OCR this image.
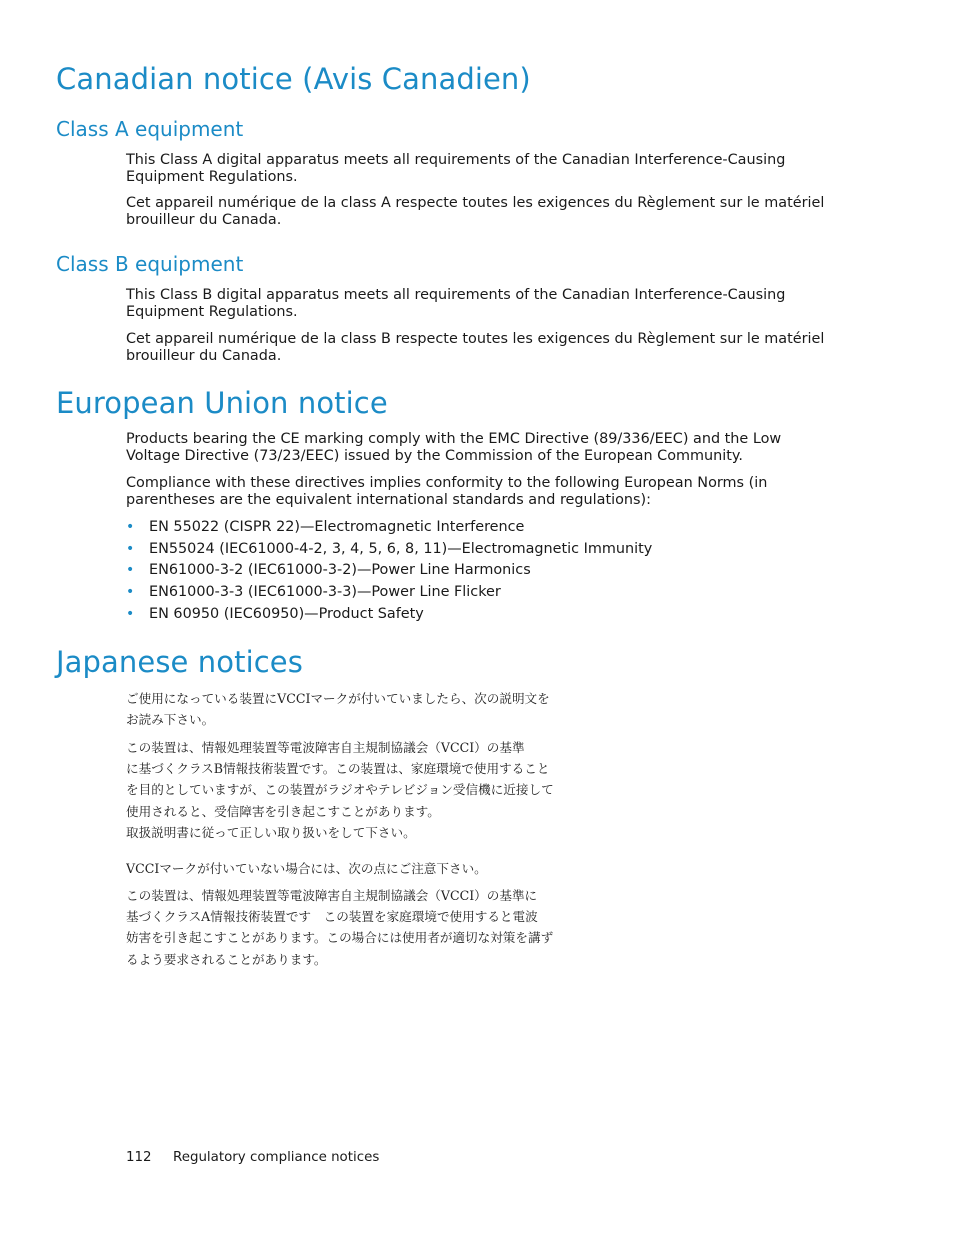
Canadian notice (Avis Canadien)
Class A equipment

This Class A digital apparatus meets all requirements of the Canadian Interference-Causing Equipment Regulations.

Cet appareil numérique de la class A respecte toutes les exigences du Règlement sur le matériel brouilleur du Canada.

Class B equipment

This Class B digital apparatus meets all requirements of the Canadian Interference-Causing Equipment Regulations.

Cet appareil numérique de la class B respecte toutes les exigences du Règlement sur le matériel brouilleur du Canada.

European Union notice

Products bearing the CE marking comply with the EMC Directive (89/336/EEC) and the Low Voltage Directive (73/23/EEC) issued by the Commission of the European Community.

Compliance with these directives implies conformity to the following European Norms (in parentheses are the equivalent international standards and regulations):

• EN 55022 (CISPR 22)—Electromagnetic Interference
• EN55024 (IEC61000-4-2, 3, 4, 5, 6, 8, 11)—Electromagnetic Immunity
• EN61000-3-2 (IEC61000-3-2)—Power Line Harmonics
• EN61000-3-3 (IEC61000-3-3)—Power Line Flicker
• EN 60950 (IEC60950)—Product Safety
Japanese notices
ご使用になっている装置にVCCIマークが付いていましたら、次の説明文を
お読み下さい。
この装置は、情報処理装置等電波障害自主規制協議会（VCCI）の基準
に基づくクラスB情報技術装置です。この装置は、家庭環境で使用すること
を目的としていますが、この装置がラジオやテレビジョン受信機に近接して
使用されると、受信障害を引き起こすことがあります。
取扱説明書に従って正しい取り扱いをして下さい。
VCCIマークが付いていない場合には、次の点にご注意下さい。
この装置は、情報処理装置等電波障害自主規制協議会（VCCI）の基準に
基づくクラスA情報技術装置です　この装置を家庭環境で使用すると電波
妨害を引き起こすことがあります。この場合には使用者が適切な対策を講ず
るよう要求されることがあります。
112 Regulatory compliance notices
